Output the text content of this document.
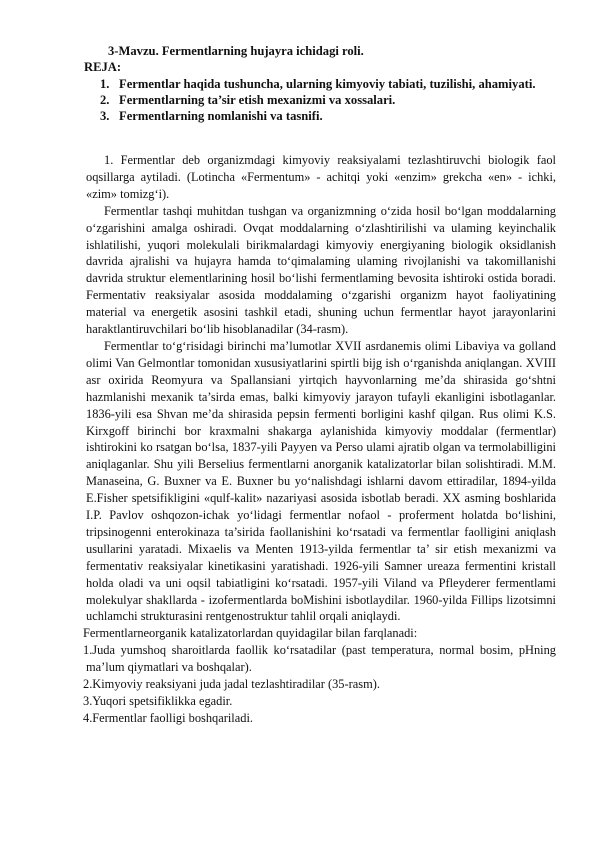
3-Mavzu. Fermentlarning hujayra ichidagi roli.
REJA:
1. Fermentlar haqida tushuncha, ularning kimyoviy tabiati, tuzilishi, ahamiyati.
2. Fermentlarning ta’sir etish mexanizmi va xossalari.
3. Fermentlarning nomlanishi va tasnifi.

1. Fermentlar deb organizmdagi kimyoviy reaksiyalami tezlashtiruvchi biologik faol oqsillarga aytiladi. (Lotincha «Fermentum» - achitqi yoki «enzim» grekcha «en» - ichki, «zim» tomizg‘i).

Fermentlar tashqi muhitdan tushgan va organizmning o‘zida hosil bo‘lgan moddalarning o‘zgarishini amalga oshiradi. Ovqat moddalarning o‘zlashtirilishi va ulaming keyinchalik ishlatilishi, yuqori molekulali birikmalardagi kimyoviy energiyaning biologik oksidlanish davrida ajralishi va hujayra hamda to‘qimalaming ulaming rivojlanishi va takomillanishi davrida struktur elementlarining hosil bo‘lishi fermentlaming bevosita ishtiroki ostida boradi. Fermentativ reaksiyalar asosida moddalaming o‘zgarishi organizm hayot faoliyatining material va energetik asosini tashkil etadi, shuning uchun fermentlar hayot jarayonlarini haraktlantiruvchilari bo‘lib hisoblanadilar (34-rasm).

Fermentlar to‘g‘risidagi birinchi ma’lumotlar XVII asrdanemis olimi Libaviya va golland olimi Van Gelmontlar tomonidan xususiyatlarini spirtli bijg ish o‘rganishda aniqlangan. XVIII asr oxirida Reomyura va Spallansiani yirtqich hayvonlarning me’da shirasida go‘shtni hazmlanishi mexanik ta’sirda emas, balki kimyoviy jarayon tufayli ekanligini isbotlaganlar. 1836-yili esa Shvan me’da shirasida pepsin fermenti borligini kashf qilgan. Rus olimi K.S. Kirxgoff birinchi bor kraxmalni shakarga aylanishida kimyoviy moddalar (fermentlar) ishtirokini ko rsatgan bo‘lsa, 1837-yili Payyen va Perso ulami ajratib olgan va termolabilligini aniqlaganlar. Shu yili Berselius fermentlarni anorganik katalizatorlar bilan solishtiradi. M.M. Manaseina, G. Buxner va E. Buxner bu yo‘nalishdagi ishlarni davom ettiradilar, 1894-yilda E.Fisher spetsifikligini «qulf-kalit» nazariyasi asosida isbotlab beradi. XX asming boshlarida I.P. Pavlov oshqozon-ichak yo‘lidagi fermentlar nofaol - proferment holatda bo‘lishini, tripsinogenni enterokinaza ta’sirida faollanishini ko‘rsatadi va fermentlar faolligini aniqlash usullarini yaratadi. Mixaelis va Menten 1913-yilda fermentlar ta’ sir etish mexanizmi va fermentativ reaksiyalar kinetikasini yaratishadi. 1926-yili Samner ureaza fermentini kristall holda oladi va uni oqsil tabiatligini ko‘rsatadi. 1957-yili Viland va Pfleyderer fermentlami molekulyar shakllarda - izofermentlarda boMishini isbotlaydilar. 1960-yilda Fillips lizotsimni uchlamchi strukturasini rentgenostruktur tahlil orqali aniqlaydi.

Fermentlarneorganik katalizatorlardan quyidagilar bilan farqlanadi:

1.Juda yumshoq sharoitlarda faollik ko‘rsatadilar (past temperatura, normal bosim, pHning ma’lum qiymatlari va boshqalar).

2.Kimyoviy reaksiyani juda jadal tezlashtiradilar (35-rasm).

3.Yuqori spetsifiklikka egadir.

4.Fermentlar faolligi boshqariladi.
